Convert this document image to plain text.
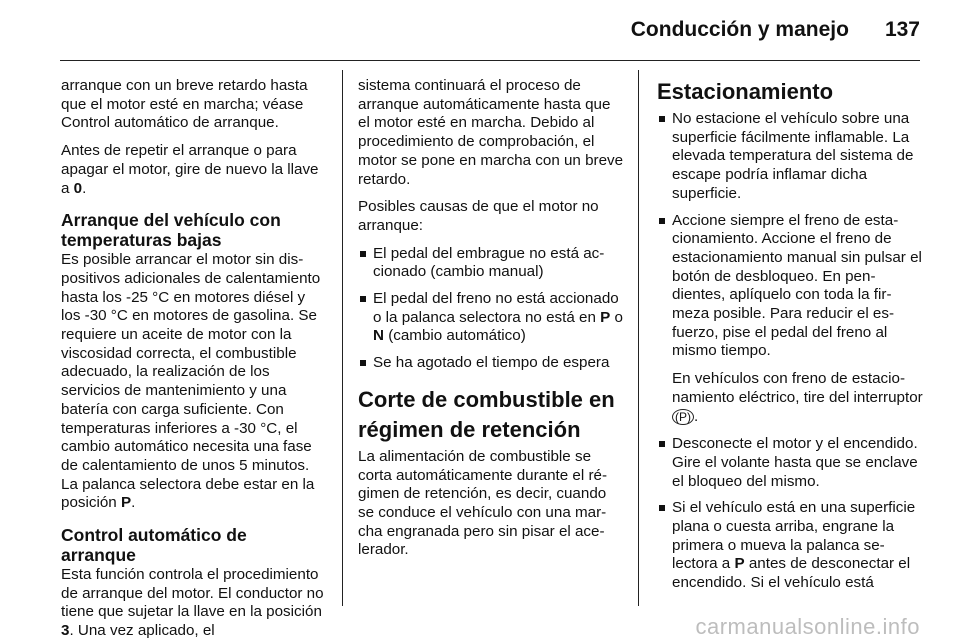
Conducción y manejo 137

arranque con un breve retardo hasta que el motor esté en marcha; véase Control automático de arranque.

Antes de repetir el arranque o para apagar el motor, gire de nuevo la llave a 0.

Arranque del vehículo con temperaturas bajas

Es posible arrancar el motor sin dispositivos adicionales de calentamiento hasta los -25 °C en motores diésel y los -30 °C en motores de gasolina. Se requiere un aceite de motor con la viscosidad correcta, el combustible adecuado, la realización de los servicios de mantenimiento y una batería con carga suficiente. Con temperaturas inferiores a -30 °C, el cambio automático necesita una fase de calentamiento de unos 5 minutos. La palanca selectora debe estar en la posición P.

Control automático de arranque

Esta función controla el procedimiento de arranque del motor. El conductor no tiene que sujetar la llave en la posición 3. Una vez aplicado, el

sistema continuará el proceso de arranque automáticamente hasta que el motor esté en marcha. Debido al procedimiento de comprobación, el motor se pone en marcha con un breve retardo.

Posibles causas de que el motor no arranque:

El pedal del embrague no está accionado (cambio manual)
El pedal del freno no está accionado o la palanca selectora no está en P o N (cambio automático)
Se ha agotado el tiempo de espera
Corte de combustible en régimen de retención

La alimentación de combustible se corta automáticamente durante el régimen de retención, es decir, cuando se conduce el vehículo con una marcha engranada pero sin pisar el acelerador.

Estacionamiento
No estacione el vehículo sobre una superficie fácilmente inflamable. La elevada temperatura del sistema de escape podría inflamar dicha superficie.

Accione siempre el freno de estacionamiento. Accione el freno de estacionamiento manual sin pulsar el botón de desbloqueo. En pendientes, aplíquelo con toda la firmeza posible. Para reducir el esfuerzo, pise el pedal del freno al mismo tiempo.

En vehículos con freno de estacionamiento eléctrico, tire del interruptor (P) .

Desconecte el motor y el encendido. Gire el volante hasta que se enclave el bloqueo del mismo.
Si el vehículo está en una superficie plana o cuesta arriba, engrane la primera o mueva la palanca selectora a P antes de desconectar el encendido. Si el vehículo está
carmanualsonline.info
